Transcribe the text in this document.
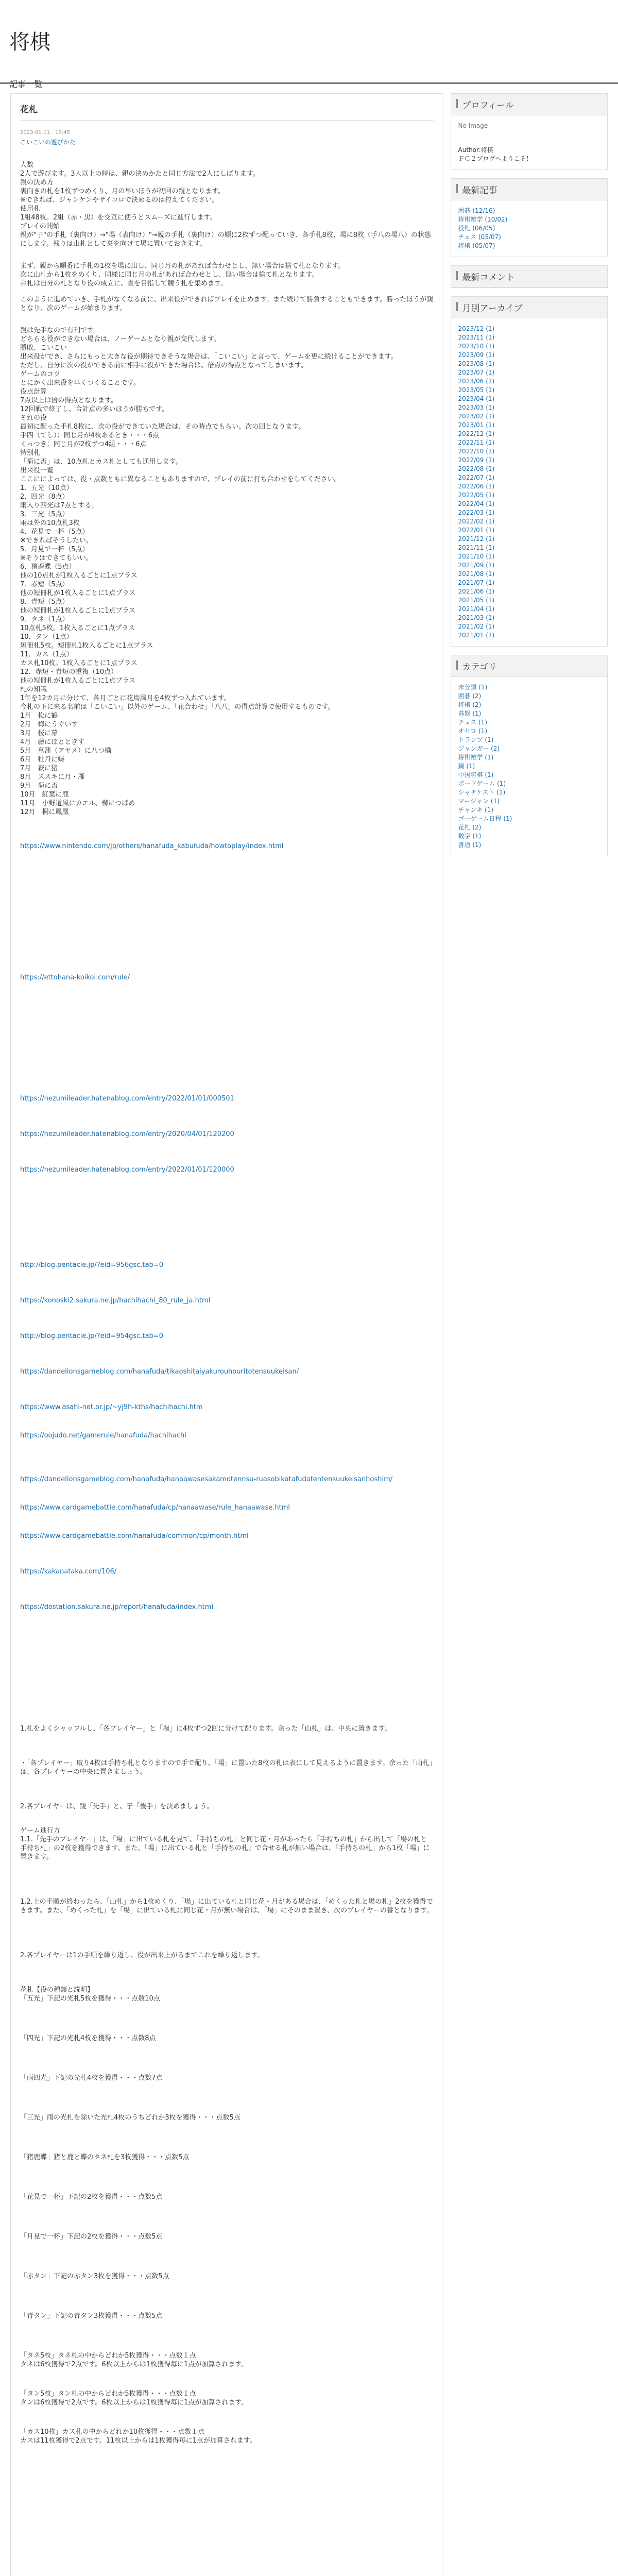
将棋
記事一覧
花札
2023-01-11　13:45
こいこいの遊びかた

人数
2人で遊びます。3人以上の時は、親の決めかたと同じ方法で2人にしぼります。
親の決め方
裏向きの札を1枚ずつめくり、月の早いほうが初回の親となります。
※できれば、ジャンケンやサイコロで決めるのは控えてください。
使用札
1組48枚。2組（赤・黒）を交互に使うとスムーズに進行します。
プレイの開始
親が"子"の手札（裏向け）→"場（表向け）"→親の手札（裏向け）の順に2枚ずつ配っていき、各手札8枚、場に8枚（手八の場八）の状態にします。残りは山札として裏を向けて場に置いておきます。

まず、親から順番に手札の1枚を場に出し、同じ月の札があれば合わせとし、無い場合は捨て札となります。
次に山札から1枚をめくり、同様に同じ月の札があれば合わせとし、無い場合は捨て札となります。
合札は自分の札となり役の成立に、直を目指して競う札を集めます。

このように進めていき、手札がなくなる前に、出来役ができればプレイを止めます。また続けて勝負することもできます。勝ったほうが親となり、次のゲームが始まります。

親は先手なので有利です。
どちらも役ができない場合は、ノーゲームとなり親が交代します。
勝敗、こいこい
出来役ができ、さらにもっと大きな役が期待できそうな場合は、「こいこい」と言って、ゲームを更に続けることができます。
ただし、自分に次の役ができる前に相手に役ができた場合は、倍点の得点となってしまいます。
ゲームのコツ
とにかく出来役を早くつくることです。
役点計算
7点以上は倍の得点となります。
12回戦で終了し、合計点の多いほうが勝ちです。
それの役
最初に配った手札8枚に、次の役ができていた場合は、その時点でもらい。次の回となります。
手四（てし）：同じ月が4枚あるとき・・・6点
くっつき：同じ月が2枚ずつ4組・・・6点
特別札
「菊に盃」は、10点札とカス札としても通用します。
出来役一覧
ここにによっては、役・点数ともに異なることもありますので、プレイの前に打ち合わせをしてください。
1．五光（10点）
2．四光（8点）
雨入り四光は7点とする。
3．三光（5点）
雨は外の10点札3枚
4．花見で一杯（5点）
※できればそうしたい。
5．月見で一杯（5点）
※そうはできてもいい。
6．猪鹿蝶（5点）
他の10点札が1枚入るごとに1点プラス
7．赤短（5点）
他の短冊札が1枚入るごとに1点プラス
8．青短（5点）
他の短冊札が1枚入るごとに1点プラス
9．タネ（1点）
10点札5枚。1枚入るごとに1点プラス
10．タン（1点）
短冊札5枚。短冊札1枚入るごとに1点プラス
11．カス（1点）
カス札10枚。1枚入るごとに1点プラス
12．赤短・青短の重複（10点）
他の短冊札が1枚入るごとに1点プラス
札の知識
1年を12カ月に分けて、各月ごとに花鳥風月を4枚ずつ入れています。
今札の下に来る名前は「こいこい」以外のゲーム、「花合わせ」「八八」の得点計算で使用するものです。
1月　松に鶴
2月　梅にうぐいす
3月　桜に幕
4月　藤にほととぎす
5月　菖蒲（アヤメ）に八つ橋
6月　牡丹に蝶
7月　萩に猪
8月　ススキに月・雁
9月　菊に盃
10月　紅葉に鹿
11月　小野道風にカエル、柳につばめ
12月　桐に鳳凰

https://www.nintendo.com/jp/others/hanafuda_kabufuda/howtoplay/index.html
https://ettohana-koikoi.com/rule/
https://nezumileader.hatenablog.com/entry/2022/01/01/000501
https://nezumileader.hatenablog.com/entry/2020/04/01/120200
https://nezumileader.hatenablog.com/entry/2022/01/01/120000
http://blog.pentacle.jp/?eid=956gsc.tab=0
https://konoski2.sakura.ne.jp/hachihachi_80_rule_ja.html
http://blog.pentacle.jp/?eid=954gsc.tab=0
https://dandelionsgameblog.com/hanafuda/tikaoshitaiyakurouhouritotensuukeisan/
https://www.asahi-net.or.jp/~yj9h-kths/hachihachi.htm
https://oojudo.net/gamerule/hanafuda/hachihachi
https://dandelionsgameblog.com/hanafuda/hanaawasesakamotennsu-ruasobikatafudatentensuukeisanhoshim/
https://www.cardgamebattle.com/hanafuda/cp/hanaawase/rule_hanaawase.html
https://www.cardgamebattle.com/hanafuda/common/cp/month.html
https://kakanataka.com/106/
https://dostation.sakura.ne.jp/report/hanafuda/index.html

1.札をよくシャッフルし、「各プレイヤー」と「場」に4枚ずつ2回に分けて配ります。余った「山札」は、中央に置きます。

・「各プレイヤー」取り4枚は手持ち札となりますので手で配り、「場」に置いた8枚の札は表にして見えるように置きます。余った「山札」は、各プレイヤーの中央に置きましょう。

2.各プレイヤーは、親「先手」と、子「後手」を決めましょう。

ゲーム進行方
1.1.「先手のプレイヤー」は、「場」に出ている札を見て、「手持ちの札」と同じ花・月があったら「手持ちの札」から出して「場の札と手持ち札」の2枚を獲得できます。また、「場」に出ている札と「手持ちの札」で合せる札が無い場合は、「手持ちの札」から1枚「場」に置きます。

1.2.上の手順が終わったら、「山札」から1枚めくり、「場」に出ている札と同じ花・月がある場合は、「めくった札と場の札」2枚を獲得できます。また、「めくった札」を「場」に出ている札に同じ花・月が無い場合は、「場」にそのまま置き、次のプレイヤーの番となります。

2.各プレイヤーは1の手順を繰り返し、役が出来上がるまでこれを繰り返します。

花札【役の種類と説明】
「五光」下記の光札5枚を獲得・・・点数10点

「四光」下記の光札4枚を獲得・・・点数8点

「雨四光」下記の光札4枚を獲得・・・点数7点

「三光」雨の光札を除いた光札4枚のうちどれか3枚を獲得・・・点数5点

「猪鹿蝶」猪と鹿と蝶のタネ札を3枚獲得・・・点数5点

「花見で一杯」下記の2枚を獲得・・・点数5点

「月見で一杯」下記の2枚を獲得・・・点数5点

「赤タン」下記の赤タン3枚を獲得・・・点数5点

「青タン」下記の青タン3枚獲得・・・点数5点

「タネ5枚」タネ札の中からどれか5枚獲得・・・点数１点
タネは6枚獲得で2点です。6枚以上からは1枚獲得毎に1点が加算されます。

「タン5枚」タン札の中からどれか5枚獲得・・・点数１点
タンは6枚獲得で2点です。6枚以上からは1枚獲得毎に1点が加算されます。

「カス10枚」カス札の中からどれか10枚獲得・・・点数１点
カスは11枚獲得で2点です。11枚以上からは1枚獲得毎に1点が加算されます。

プロフィール
No Image
Author:将棋
ＦＣ２ブログへようこそ！
最新記事
囲碁 (12/16)
将棋雑学 (10/02)
役札 (06/05)
チェス (05/07)
将棋 (05/07)
最新コメント
月別アーカイブ
2023/12 (1)
2023/11 (1)
2023/10 (1)
2023/09 (1)
2023/08 (1)
2023/07 (1)
2023/06 (1)
2023/05 (1)
2023/04 (1)
2023/03 (1)
2023/02 (1)
2023/01 (1)
2022/12 (1)
2022/11 (1)
2022/10 (1)
2022/09 (1)
2022/08 (1)
2022/07 (1)
2022/06 (1)
2022/05 (1)
2022/04 (1)
2022/03 (1)
2022/02 (1)
2022/01 (1)
2021/12 (1)
2021/11 (1)
2021/10 (1)
2021/09 (1)
2021/08 (1)
2021/07 (1)
2021/06 (1)
2021/05 (1)
2021/04 (1)
2021/03 (1)
2021/02 (1)
2021/01 (1)
カテゴリ
未分類 (1)
囲碁 (2)
将棋 (2)
碁盤 (1)
チェス (1)
オセロ (1)
トランプ (1)
ジャンガー (2)
将棋雑学 (1)
鍋 (1)
中国将棋 (1)
ボードゲーム (1)
シャチケスト (1)
マージャン (1)
チャンキ (1)
ゴーゲーム日程 (1)
花札 (2)
数字 (1)
書道 (1)
